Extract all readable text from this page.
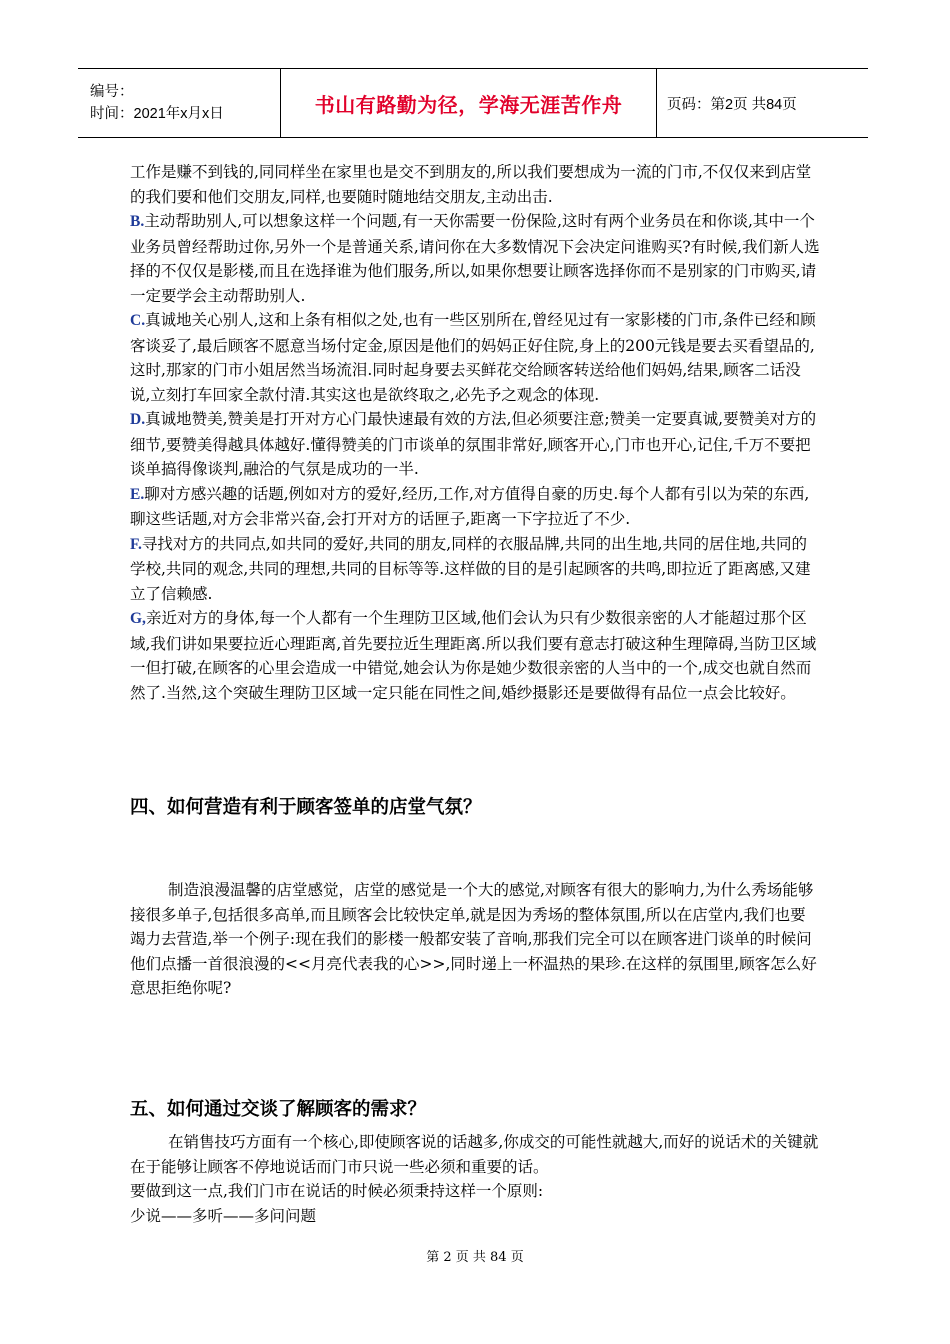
编号：
时间：2021年x月x日	书山有路勤为径，学海无涯苦作舟	页码：第2页 共84页

工作是赚不到钱的,同同样坐在家里也是交不到朋友的,所以我们要想成为一流的门市,不仅仅来到店堂的我们要和他们交朋友,同样,也要随时随地结交朋友,主动出击.

B.主动帮助别人,可以想象这样一个问题,有一天你需要一份保险,这时有两个业务员在和你谈,其中一个业务员曾经帮助过你,另外一个是普通关系,请问你在大多数情况下会决定问谁购买?有时候,我们新人选择的不仅仅是影楼,而且在选择谁为他们服务,所以,如果你想要让顾客选择你而不是别家的门市购买,请一定要学会主动帮助别人.

C.真诚地关心别人,这和上条有相似之处,也有一些区别所在,曾经见过有一家影楼的门市,条件已经和顾客谈妥了,最后顾客不愿意当场付定金,原因是他们的妈妈正好住院,身上的200元钱是要去买看望品的,这时,那家的门市小姐居然当场流泪.同时起身要去买鲜花交给顾客转送给他们妈妈,结果,顾客二话没说,立刻打车回家全款付清.其实这也是欲终取之,必先予之观念的体现.

D.真诚地赞美,赞美是打开对方心门最快速最有效的方法,但必须要注意;赞美一定要真诚,要赞美对方的细节,要赞美得越具体越好.懂得赞美的门市谈单的氛围非常好,顾客开心,门市也开心,记住,千万不要把谈单搞得像谈判,融洽的气氛是成功的一半.

E.聊对方感兴趣的话题,例如对方的爱好,经历,工作,对方值得自豪的历史.每个人都有引以为荣的东西,聊这些话题,对方会非常兴奋,会打开对方的话匣子,距离一下字拉近了不少.

F.寻找对方的共同点,如共同的爱好,共同的朋友,同样的衣服品牌,共同的出生地,共同的居住地,共同的学校,共同的观念,共同的理想,共同的目标等等.这样做的目的是引起顾客的共鸣,即拉近了距离感,又建立了信赖感.

G,亲近对方的身体,每一个人都有一个生理防卫区域,他们会认为只有少数很亲密的人才能超过那个区域,我们讲如果要拉近心理距离,首先要拉近生理距离.所以我们要有意志打破这种生理障碍,当防卫区域一但打破,在顾客的心里会造成一中错觉,她会认为你是她少数很亲密的人当中的一个,成交也就自然而然了.当然,这个突破生理防卫区域一定只能在同性之间,婚纱摄影还是要做得有品位一点会比较好。

四、如何营造有利于顾客签单的店堂气氛？

制造浪漫温馨的店堂感觉，店堂的感觉是一个大的感觉,对顾客有很大的影响力,为什么秀场能够接很多单子,包括很多高单,而且顾客会比较快定单,就是因为秀场的整体氛围,所以在店堂内,我们也要竭力去营造,举一个例子:现在我们的影楼一般都安装了音响,那我们完全可以在顾客进门谈单的时候问他们点播一首很浪漫的<<月亮代表我的心>>,同时递上一杯温热的果珍.在这样的氛围里,顾客怎么好意思拒绝你呢?

五、如何通过交谈了解顾客的需求？

在销售技巧方面有一个核心,即使顾客说的话越多,你成交的可能性就越大,而好的说话术的关键就在于能够让顾客不停地说话而门市只说一些必须和重要的话。

要做到这一点,我们门市在说话的时候必须秉持这样一个原则:

少说——多听——多问问题

第 2 页 共 84 页
